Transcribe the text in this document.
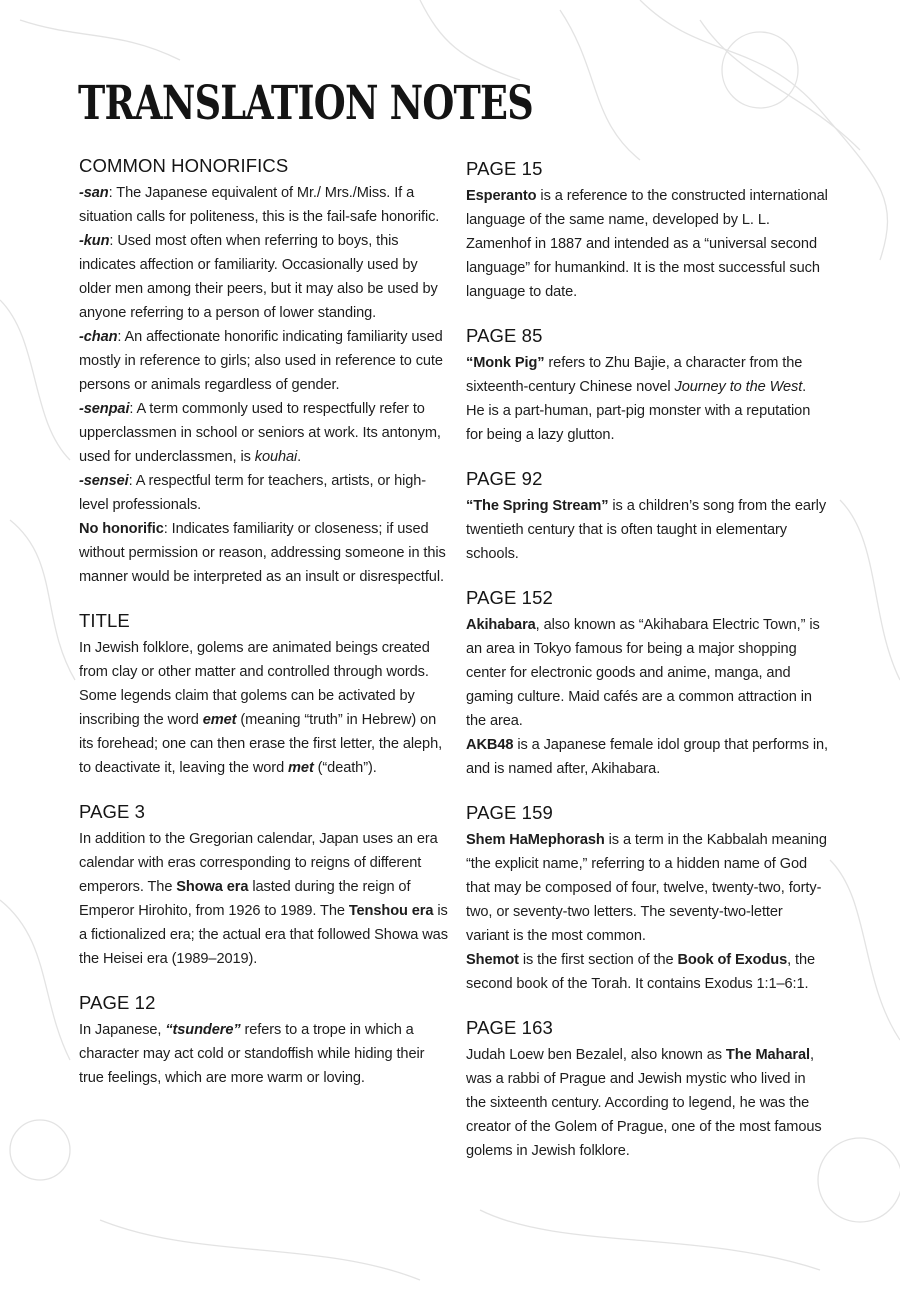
TRANSLATION NOTES
COMMON HONORIFICS

-san: The Japanese equivalent of Mr./ Mrs./Miss. If a situation calls for politeness, this is the fail-safe honorific.

-kun: Used most often when referring to boys, this indicates affection or familiarity. Occasionally used by older men among their peers, but it may also be used by anyone referring to a person of lower standing.

-chan: An affectionate honorific indicating familiarity used mostly in reference to girls; also used in reference to cute persons or animals regardless of gender.

-senpai: A term commonly used to respectfully refer to upperclassmen in school or seniors at work. Its antonym, used for underclassmen, is kouhai.

-sensei: A respectful term for teachers, artists, or high-level professionals.

No honorific: Indicates familiarity or closeness; if used without permission or reason, addressing someone in this manner would be interpreted as an insult or disrespectful.

TITLE

In Jewish folklore, golems are animated beings created from clay or other matter and controlled through words. Some legends claim that golems can be activated by inscribing the word emet (meaning “truth” in Hebrew) on its forehead; one can then erase the first letter, the aleph, to deactivate it, leaving the word met (“death”).

PAGE 3

In addition to the Gregorian calendar, Japan uses an era calendar with eras corresponding to reigns of different emperors. The Showa era lasted during the reign of Emperor Hirohito, from 1926 to 1989. The Tenshou era is a fictionalized era; the actual era that followed Showa was the Heisei era (1989–2019).

PAGE 12

In Japanese, “tsundere” refers to a trope in which a character may act cold or standoffish while hiding their true feelings, which are more warm or loving.

PAGE 15

Esperanto is a reference to the constructed international language of the same name, developed by L. L. Zamenhof in 1887 and intended as a “universal second language” for humankind. It is the most successful such language to date.

PAGE 85

“Monk Pig” refers to Zhu Bajie, a character from the sixteenth-century Chinese novel Journey to the West. He is a part-human, part-pig monster with a reputation for being a lazy glutton.

PAGE 92

“The Spring Stream” is a children’s song from the early twentieth century that is often taught in elementary schools.

PAGE 152

Akihabara, also known as “Akihabara Electric Town,” is an area in Tokyo famous for being a major shopping center for electronic goods and anime, manga, and gaming culture. Maid cafés are a common attraction in the area.

AKB48 is a Japanese female idol group that performs in, and is named after, Akihabara.

PAGE 159

Shem HaMephorash is a term in the Kabbalah meaning “the explicit name,” referring to a hidden name of God that may be composed of four, twelve, twenty-two, forty-two, or seventy-two letters. The seventy-two-letter variant is the most common.

Shemot is the first section of the Book of Exodus, the second book of the Torah. It contains Exodus 1:1–6:1.

PAGE 163

Judah Loew ben Bezalel, also known as The Maharal, was a rabbi of Prague and Jewish mystic who lived in the sixteenth century. According to legend, he was the creator of the Golem of Prague, one of the most famous golems in Jewish folklore.
